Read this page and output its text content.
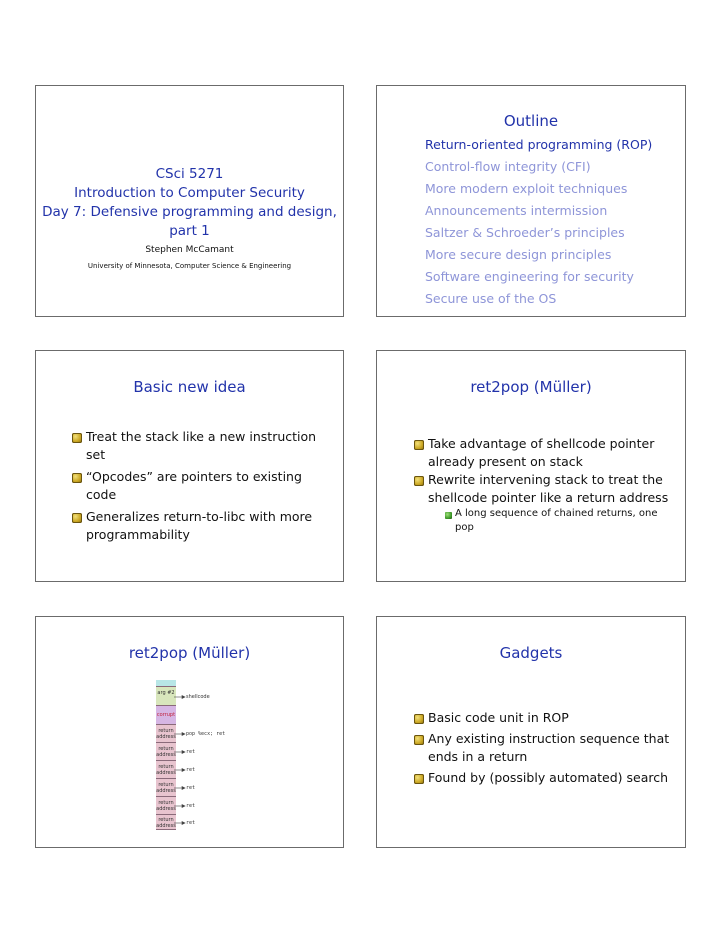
CSci 5271
Introduction to Computer Security
Day 7: Defensive programming and design,
part 1
Stephen McCamant
University of Minnesota, Computer Science & Engineering
Outline
Return-oriented programming (ROP)
Control-flow integrity (CFI)
More modern exploit techniques
Announcements intermission
Saltzer & Schroeder’s principles
More secure design principles
Software engineering for security
Secure use of the OS
Basic new idea
Treat the stack like a new instruction
set
“Opcodes” are pointers to existing
code
Generalizes return-to-libc with more
programmability
ret2pop (Müller)
Take advantage of shellcode pointer
already present on stack
Rewrite intervening stack to treat the
shellcode pointer like a return address
A long sequence of chained returns, one
pop
ret2pop (Müller)
arg #2
corrupt
return address
return address
return address
return address
return address
return address
shellcode
pop %ecx; ret
ret
ret
ret
ret
ret
Gadgets
Basic code unit in ROP
Any existing instruction sequence that
ends in a return
Found by (possibly automated) search
